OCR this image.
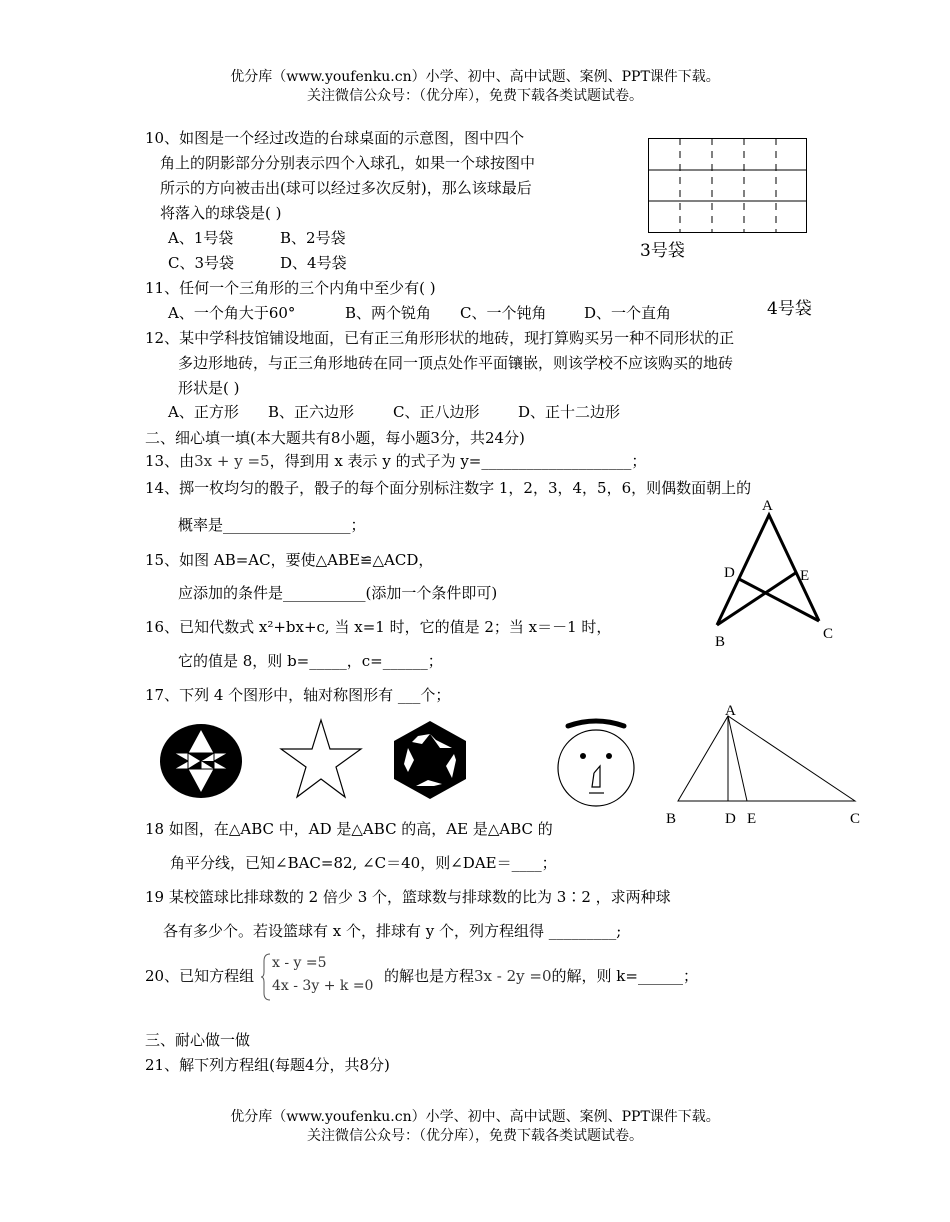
优分库（www.youfenku.cn）小学、初中、高中试题、案例、PPT课件下载。
关注微信公众号：（优分库），免费下载各类试题试卷。
10、如图是一个经过改造的台球桌面的示意图，图中四个
角上的阴影部分分别表示四个入球孔，如果一个球按图中
所示的方向被击出(球可以经过多次反射)，那么该球最后
将落入的球袋是( )
A、1号袋	B、2号袋
C、3号袋	D、4号袋
3号袋
4号袋
11、任何一个三角形的三个内角中至少有( )
A、一个角大于60°	B、两个锐角 C、一个钝角	D、一个直角
12、某中学科技馆铺设地面，已有正三角形形状的地砖，现打算购买另一种不同形状的正
多边形地砖，与正三角形地砖在同一顶点处作平面镶嵌，则该学校不应该购买的地砖
形状是( )
A、正方形 B、正六边形	C、正八边形	D、正十二边形
二、细心填一填(本大题共有8小题，每小题3分，共24分)
13、由3x + y =5，得到用 x 表示 y 的式子为 y=____________________；
14、掷一枚均匀的骰子，骰子的每个面分别标注数字 1，2，3，4，5，6，则偶数面朝上的
概率是_________________；
15、如图 AB=AC，要使△ABE≌△ACD，
应添加的条件是___________(添加一个条件即可)
A
B	C
D	E
16、已知代数式 x²+bx+c, 当 x=1 时，它的值是 2；当 x＝－1 时，
它的值是 8，则 b=_____，c=______；
17、下列 4 个图形中，轴对称图形有 ___个；
A
B	C
D E
18 如图，在△ABC 中，AD 是△ABC 的高，AE 是△ABC 的
角平分线，已知∠BAC=82, ∠C＝40，则∠DAE＝____；
19 某校篮球比排球数的 2 倍少 3 个，篮球数与排球数的比为 3∶2 ，求两种球
各有多少个。若设篮球有 x 个，排球有 y 个，列方程组得 _________;
20、已知方程组
x - y =5
4x - 3y + k =0
的解也是方程3x - 2y =0的解，则 k=______；
三、耐心做一做
21、解下列方程组(每题4分，共8分)
优分库（www.youfenku.cn）小学、初中、高中试题、案例、PPT课件下载。
关注微信公众号：（优分库），免费下载各类试题试卷。
